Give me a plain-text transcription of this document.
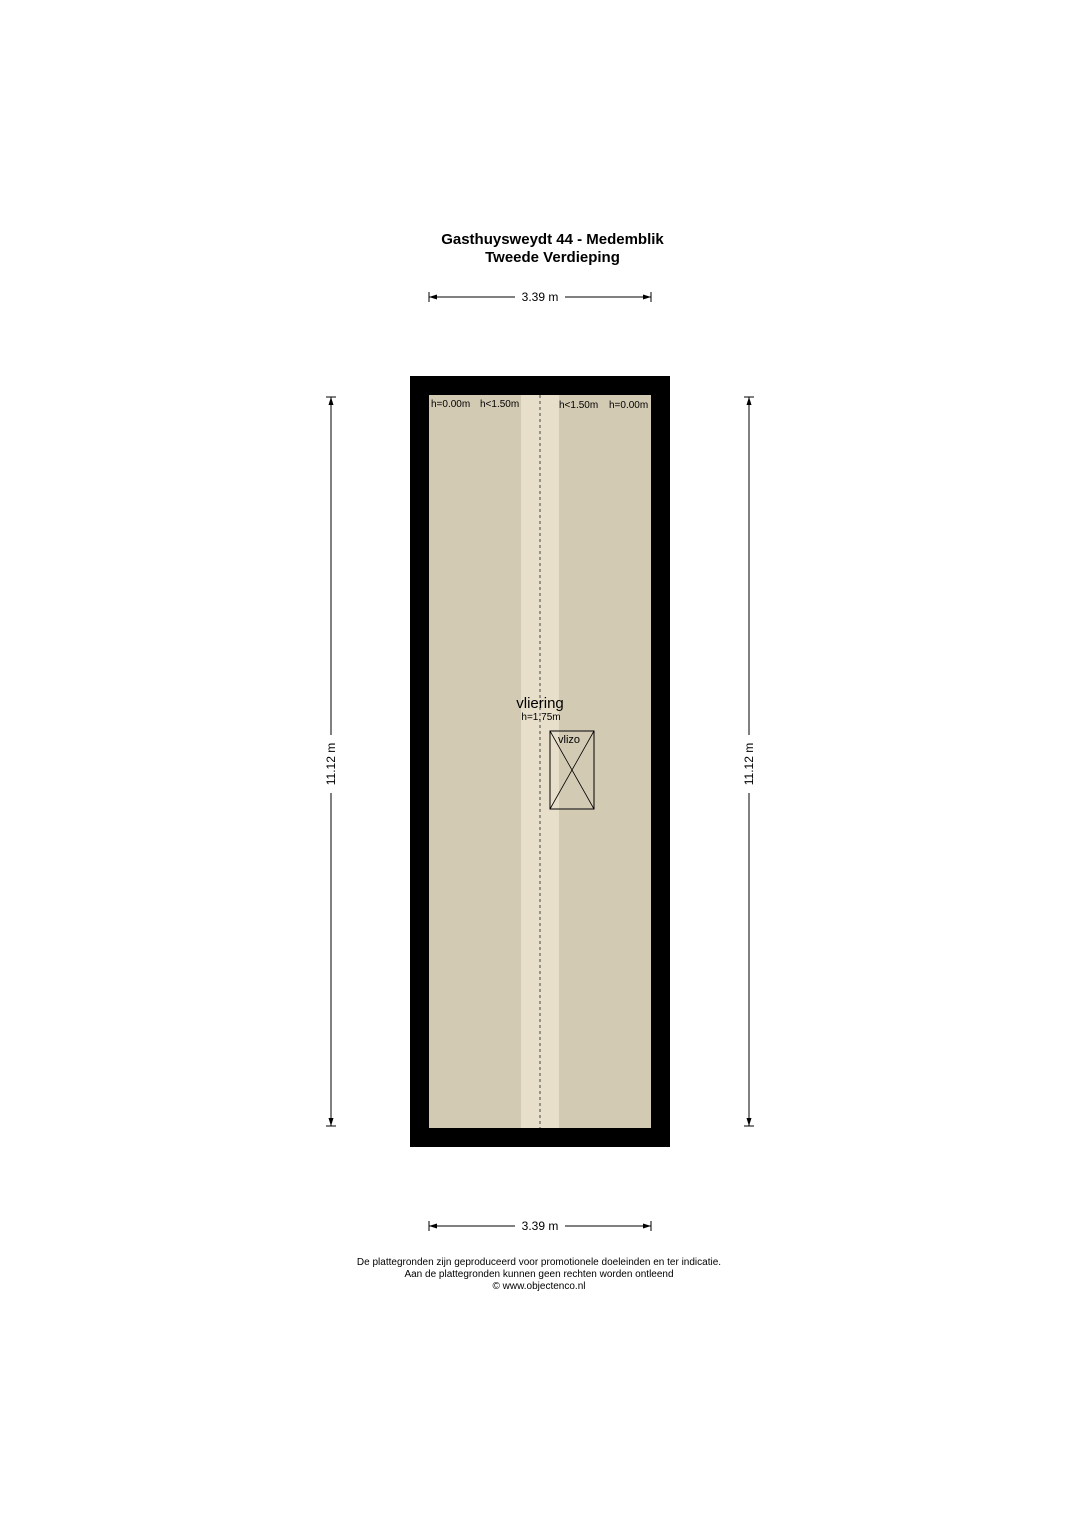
Gasthuysweydt 44 - Medemblik
Tweede Verdieping
3.39 m
3.39 m
11.12 m	11.12 m
h=0.00m h<1.50m	h<1.50m h=0.00m
vliering
h=1.75m
vlizo
De plattegronden zijn geproduceerd voor promotionele doeleinden en ter indicatie.
Aan de plattegronden kunnen geen rechten worden ontleend
© www.objectenco.nl
